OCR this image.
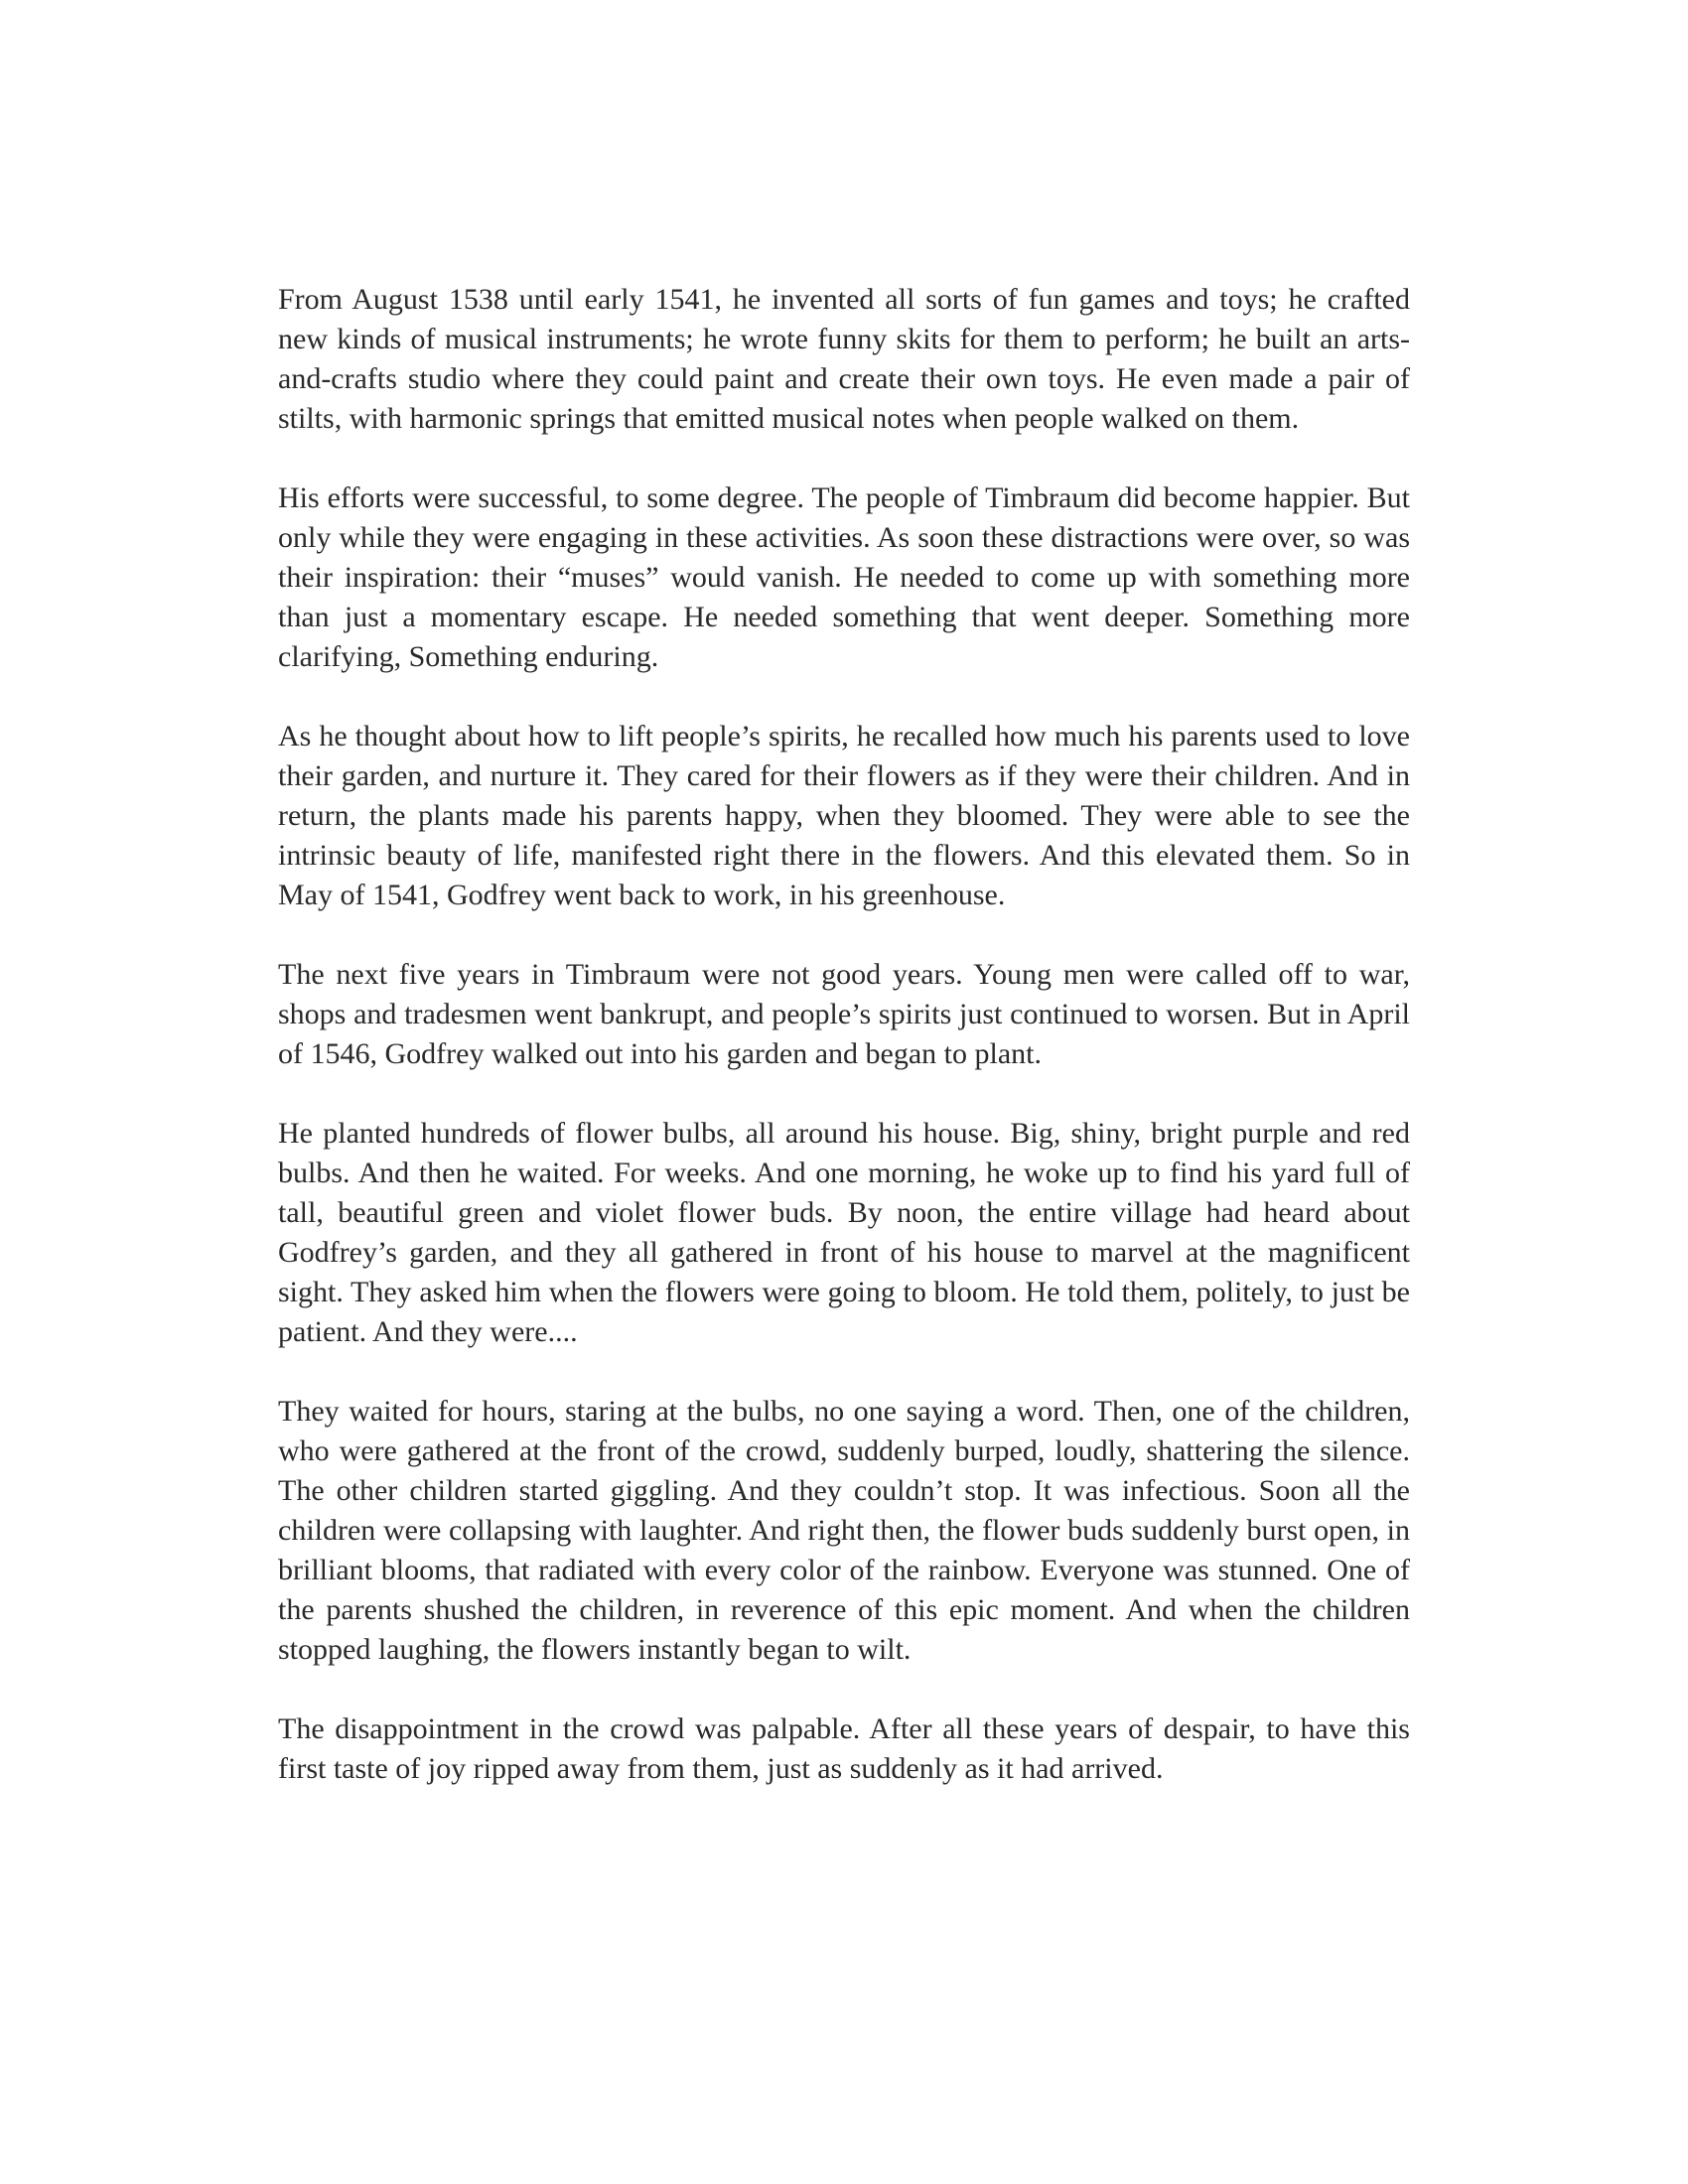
From August 1538 until early 1541, he invented all sorts of fun games and toys; he crafted new kinds of musical instruments; he wrote funny skits for them to perform; he built an arts-and-crafts studio where they could paint and create their own toys. He even made a pair of stilts, with harmonic springs that emitted musical notes when people walked on them.

His efforts were successful, to some degree. The people of Timbraum did become happier. But only while they were engaging in these activities. As soon these distractions were over, so was their inspiration: their “muses” would vanish. He needed to come up with something more than just a momentary escape. He needed something that went deeper. Something more clarifying, Something enduring.

As he thought about how to lift people’s spirits, he recalled how much his parents used to love their garden, and nurture it. They cared for their flowers as if they were their children. And in return, the plants made his parents happy, when they bloomed. They were able to see the intrinsic beauty of life, manifested right there in the flowers. And this elevated them. So in May of 1541, Godfrey went back to work, in his greenhouse.

The next five years in Timbraum were not good years. Young men were called off to war, shops and tradesmen went bankrupt, and people’s spirits just continued to worsen. But in April of 1546, Godfrey walked out into his garden and began to plant.

He planted hundreds of flower bulbs, all around his house. Big, shiny, bright purple and red bulbs. And then he waited. For weeks. And one morning, he woke up to find his yard full of tall, beautiful green and violet flower buds. By noon, the entire village had heard about Godfrey’s garden, and they all gathered in front of his house to marvel at the magnificent sight. They asked him when the flowers were going to bloom. He told them, politely, to just be patient. And they were....

They waited for hours, staring at the bulbs, no one saying a word. Then, one of the children, who were gathered at the front of the crowd, suddenly burped, loudly, shattering the silence. The other children started giggling. And they couldn’t stop. It was infectious. Soon all the children were collapsing with laughter. And right then, the flower buds suddenly burst open, in brilliant blooms, that radiated with every color of the rainbow. Everyone was stunned. One of the parents shushed the children, in reverence of this epic moment. And when the children stopped laughing, the flowers instantly began to wilt.

The disappointment in the crowd was palpable. After all these years of despair, to have this first taste of joy ripped away from them, just as suddenly as it had arrived.
